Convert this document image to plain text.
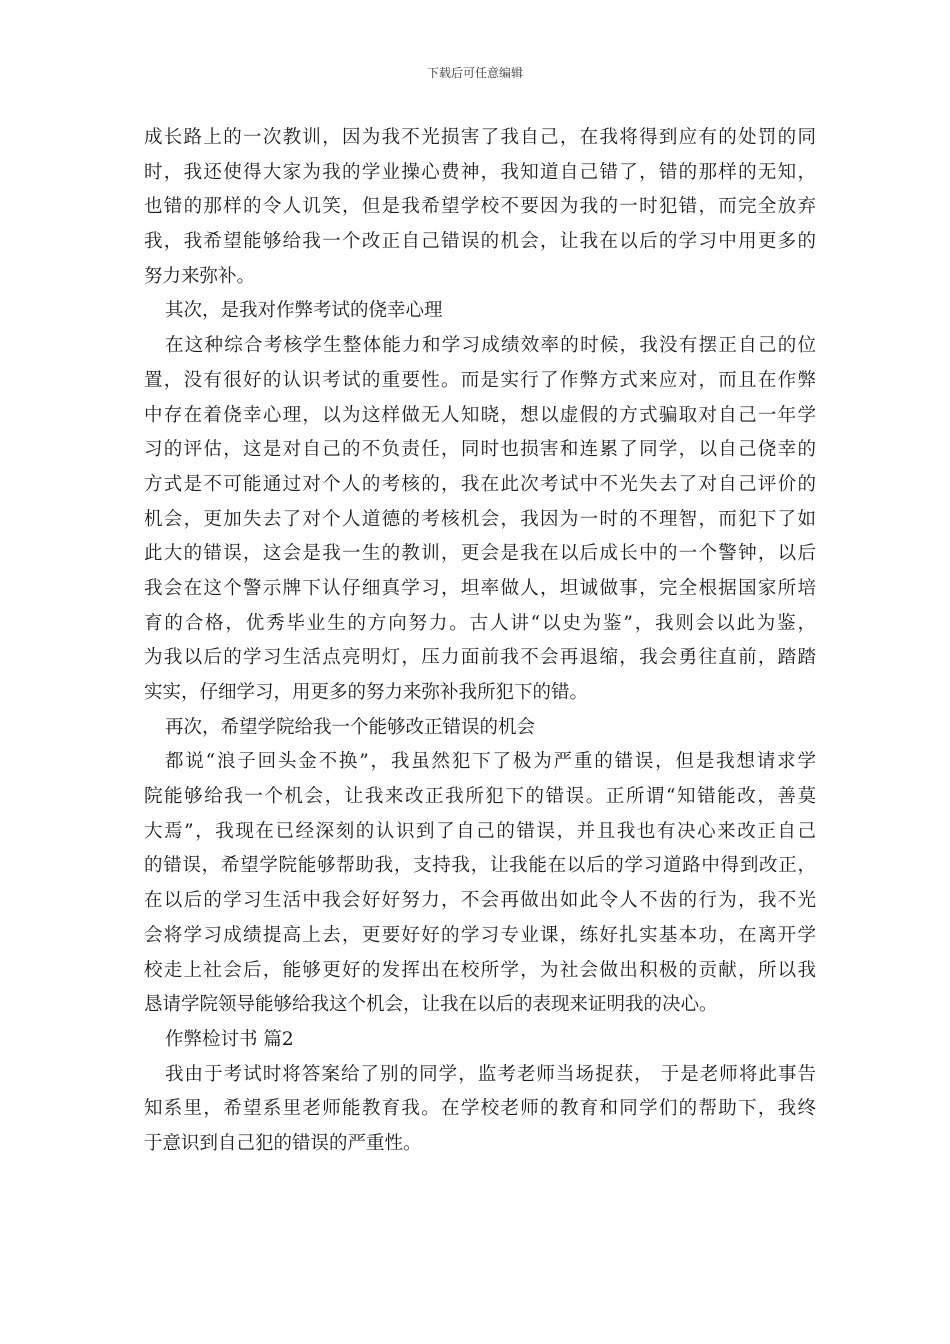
下载后可任意编辑
成长路上的一次教训，因为我不光损害了我自己，在我将得到应有的处罚的同
时，我还使得大家为我的学业操心费神，我知道自己错了，错的那样的无知，
也错的那样的令人讥笑，但是我希望学校不要因为我的一时犯错，而完全放弃
我，我希望能够给我一个改正自己错误的机会，让我在以后的学习中用更多的
努力来弥补。
其次，是我对作弊考试的侥幸心理
在这种综合考核学生整体能力和学习成绩效率的时候，我没有摆正自己的位
置，没有很好的认识考试的重要性。而是实行了作弊方式来应对，而且在作弊
中存在着侥幸心理，以为这样做无人知晓，想以虚假的方式骗取对自己一年学
习的评估，这是对自己的不负责任，同时也损害和连累了同学，以自己侥幸的
方式是不可能通过对个人的考核的，我在此次考试中不光失去了对自己评价的
机会，更加失去了对个人道德的考核机会，我因为一时的不理智，而犯下了如
此大的错误，这会是我一生的教训，更会是我在以后成长中的一个警钟，以后
我会在这个警示牌下认仔细真学习，坦率做人，坦诚做事，完全根据国家所培
育的合格，优秀毕业生的方向努力。古人讲“以史为鉴”，我则会以此为鉴，
为我以后的学习生活点亮明灯，压力面前我不会再退缩，我会勇往直前，踏踏
实实，仔细学习，用更多的努力来弥补我所犯下的错。
再次，希望学院给我一个能够改正错误的机会
都说“浪子回头金不换”，我虽然犯下了极为严重的错误，但是我想请求学
院能够给我一个机会，让我来改正我所犯下的错误。正所谓“知错能改，善莫
大焉”，我现在已经深刻的认识到了自己的错误，并且我也有决心来改正自己
的错误，希望学院能够帮助我，支持我，让我能在以后的学习道路中得到改正，
在以后的学习生活中我会好好努力，不会再做出如此令人不齿的行为，我不光
会将学习成绩提高上去，更要好好的学习专业课，练好扎实基本功，在离开学
校走上社会后，能够更好的发挥出在校所学，为社会做出积极的贡献，所以我
恳请学院领导能够给我这个机会，让我在以后的表现来证明我的决心。
作弊检讨书 篇2
我由于考试时将答案给了别的同学，监考老师当场捉获， 于是老师将此事告
知系里，希望系里老师能教育我。在学校老师的教育和同学们的帮助下，我终
于意识到自己犯的错误的严重性。
